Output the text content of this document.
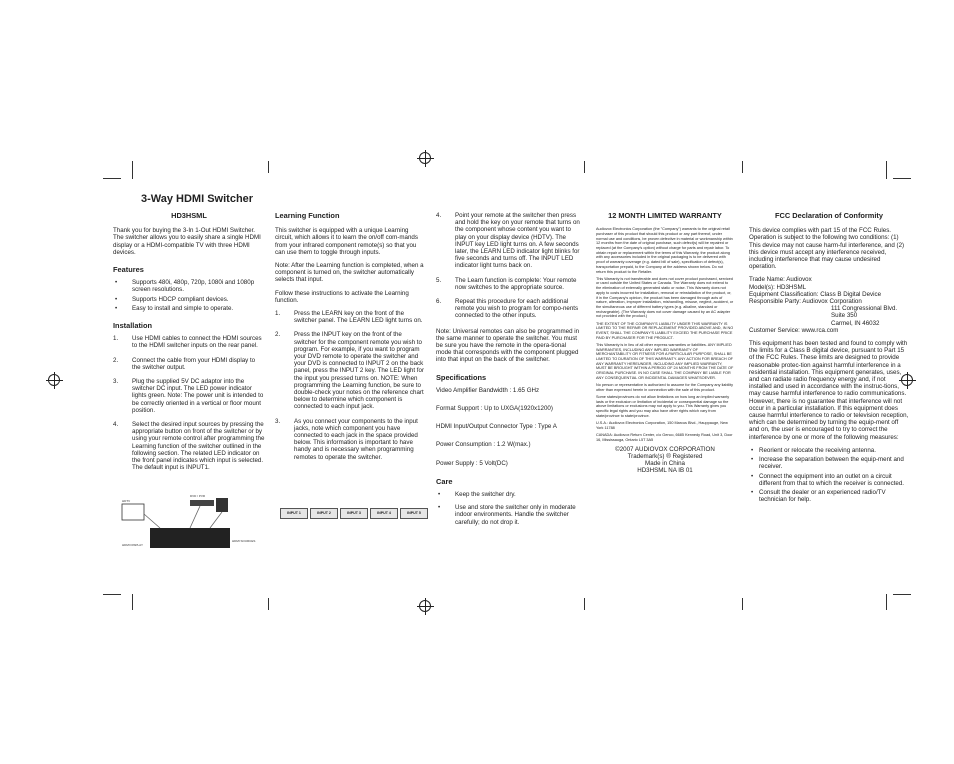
3-Way HDMI Switcher
HD3HSML

Thank you for buying the 3-In 1-Out HDMI Switcher. The switcher allows you to easily share a single HDMI display or a HDMI-compatible TV with three HDMI devices.

Features
• Supports 480i, 480p, 720p, 1080i and 1080p screen resolutions.
• Supports HDCP compliant devices.
• Easy to install and simple to operate.
Installation
1. Use HDMI cables to connect the HDMI sources to the HDMI switcher inputs on the rear panel.
2. Connect the cable from your HDMI display to the switcher output.
3. Plug the supplied 5V DC adaptor into the switcher DC input. The LED power indicator lights green. Note: The power unit is intended to be correctly oriented in a vertical or floor mount position.
4. Select the desired input sources by pressing the appropriate button on front of the switcher or by using your remote control after programming the Learning function of the switcher outlined in the following section. The related LED indicator on the front panel indicates which input is selected. The default input is INPUT1.
HDTV
DVD / PVR
HDMI DISPLAY
HDMI SOURCES
Learning Function

This switcher is equipped with a unique Learning circuit, which allows it to learn the on/off com-mands from your infrared component remote(s) so that you can use them to toggle through inputs.

Note: After the Learning function is completed, when a component is turned on, the switcher automatically selects that input.

Follow these instructions to activate the Learning function.

1. Press the LEARN key on the front of the switcher panel. The LEARN LED light turns on.
2. Press the INPUT key on the front of the switcher for the component remote you wish to program. For example, if you want to program your DVD remote to operate the switcher and your DVD is connected to INPUT 2 on the back panel, press the INPUT 2 key. The LED light for the input you pressed turns on. NOTE: When programming the Learning function, be sure to double-check your notes on the reference chart below to determine which component is connected to each input jack.
3. As you connect your components to the input jacks, note which component you have connected to each jack in the space provided below. This information is important to have handy and is necessary when programming remotes to operate the switcher.
INPUT 1	INPUT 2	INPUT 3	INPUT 4	INPUT 5
4. Point your remote at the switcher then press and hold the key on your remote that turns on the component whose content you want to play on your display device (HDTV). The INPUT key LED light turns on. A few seconds later, the LEARN LED indicator light blinks for five seconds and turns off. The INPUT LED indicator light turns back on.
5. The Learn function is complete: Your remote now switches to the appropriate source.
6. Repeat this procedure for each additional remote you wish to program for compo-nents connected to the other inputs.

Note: Universal remotes can also be programmed in the same manner to operate the switcher. You must be sure you have the remote in the opera-tional mode that corresponds with the component plugged into that input on the back of the switcher.

Specifications

Video Amplifier Bandwidth : 1.65 GHz

Format Support : Up to UXGA(1920x1200)

HDMI Input/Output Connector Type : Type A

Power Consumption : 1.2 W(max.)

Power Supply : 5 Volt(DC)

Care
• Keep the switcher dry.
• Use and store the switcher only in moderate indoor environments. Handle the switcher carefully; do not drop it.
12 MONTH LIMITED WARRANTY

Audiovox Electronics Corporation (the "Company") warrants to the original retail purchaser of this product that should this product or any part thereof, under normal use and conditions, be proven defective in material or workmanship within 12 months from the date of original purchase, such defect(s) will be repaired or replaced (at the Company's option) without charge for parts and repair labor. To obtain repair or replacement within the terms of this Warranty, the product along with any accessories included in the original packaging is to be delivered with proof of warranty coverage (e.g. dated bill of sale), specification of defect(s), transportation prepaid, to the Company at the address shown below. Do not return this product to the Retailer.

This Warranty is not transferable and does not cover product purchased, serviced or used outside the United States or Canada. The Warranty does not extend to the elimination of externally generated static or noise. This Warranty does not apply to costs incurred for installation, removal or reinstallation of the product, or, if in the Company's opinion, the product has been damaged through acts of nature, alteration, improper installation, mishandling, misuse, neglect, accident, or the simultaneous use of different battery types (e.g. alkaline, standard or rechargeable). (The Warranty does not cover damage caused by an AC adapter not provided with the product.)

THE EXTENT OF THE COMPANY'S LIABILITY UNDER THIS WARRANTY IS LIMITED TO THE REPAIR OR REPLACEMENT PROVIDED ABOVE AND, IN NO EVENT, SHALL THE COMPANY'S LIABILITY EXCEED THE PURCHASE PRICE PAID BY PURCHASER FOR THE PRODUCT.

This Warranty is in lieu of all other express warranties or liabilities. ANY IMPLIED WARRANTIES, INCLUDING ANY IMPLIED WARRANTY OF MERCHANTABILITY OR FITNESS FOR A PARTICULAR PURPOSE, SHALL BE LIMITED TO DURATION OF THIS WARRANTY. ANY ACTION FOR BREACH OF ANY WARRANTY HEREUNDER, INCLUDING ANY IMPLIED WARRANTY, MUST BE BROUGHT WITHIN A PERIOD OF 24 MONTHS FROM THE DATE OF ORIGINAL PURCHASE. IN NO CASE SHALL THE COMPANY BE LIABLE FOR ANY CONSEQUENTIAL OR INCIDENTAL DAMAGES WHATSOEVER.

No person or representative is authorized to assume for the Company any liability other than expressed herein in connection with the sale of this product.

Some states/provinces do not allow limitations on how long an implied warranty lasts or the exclusion or limitation of incidental or consequential damage so the above limitations or exclusions may not apply to you. This Warranty gives you specific legal rights and you may also have other rights which vary from state/province to state/province.

U.S.A.: Audiovox Electronics Corporation, 150 Marcus Blvd., Hauppauge, New York 11788

CANADA: Audiovox Return Center, c/o Genco, 6685 Kennedy Road, Unit 3, Door 16, Mississauga, Ontario L5T 3A5

©2007 AUDIOVOX CORPORATION
Trademark(s) ® Registered
Made in China
HD3HSML NA IB 01
FCC Declaration of Conformity

This device complies with part 15 of the FCC Rules. Operation is subject to the following two conditions: (1) This device may not cause harm-ful interference, and (2) this device must accept any interference received, including interference that may cause undesired operation.

Trade Name: Audiovox
Model(s): HD3HSML
Equipment Classification: Class B Digital Device
Responsible Party: Audiovox Corporation
111 Congressional Blvd.
Suite 350
Carmel, IN 46032
Customer Service: www.rca.com

This equipment has been tested and found to comply with the limits for a Class B digital device, pursuant to Part 15 of the FCC Rules. These limits are designed to provide reasonable protec-tion against harmful interference in a residential installation. This equipment generates, uses, and can radiate radio frequency energy and, if not installed and used in accordance with the instruc-tions, may cause harmful interference to radio communications. However, there is no guarantee that interference will not occur in a particular installation. If this equipment does cause harmful interference to radio or television reception, which can be determined by turning the equip-ment off and on, the user is encouraged to try to correct the interference by one or more of the following measures:

• Reorient or relocate the receiving antenna.
• Increase the separation between the equip-ment and receiver.
• Connect the equipment into an outlet on a circuit different from that to which the receiver is connected.
• Consult the dealer or an experienced radio/TV technician for help.
